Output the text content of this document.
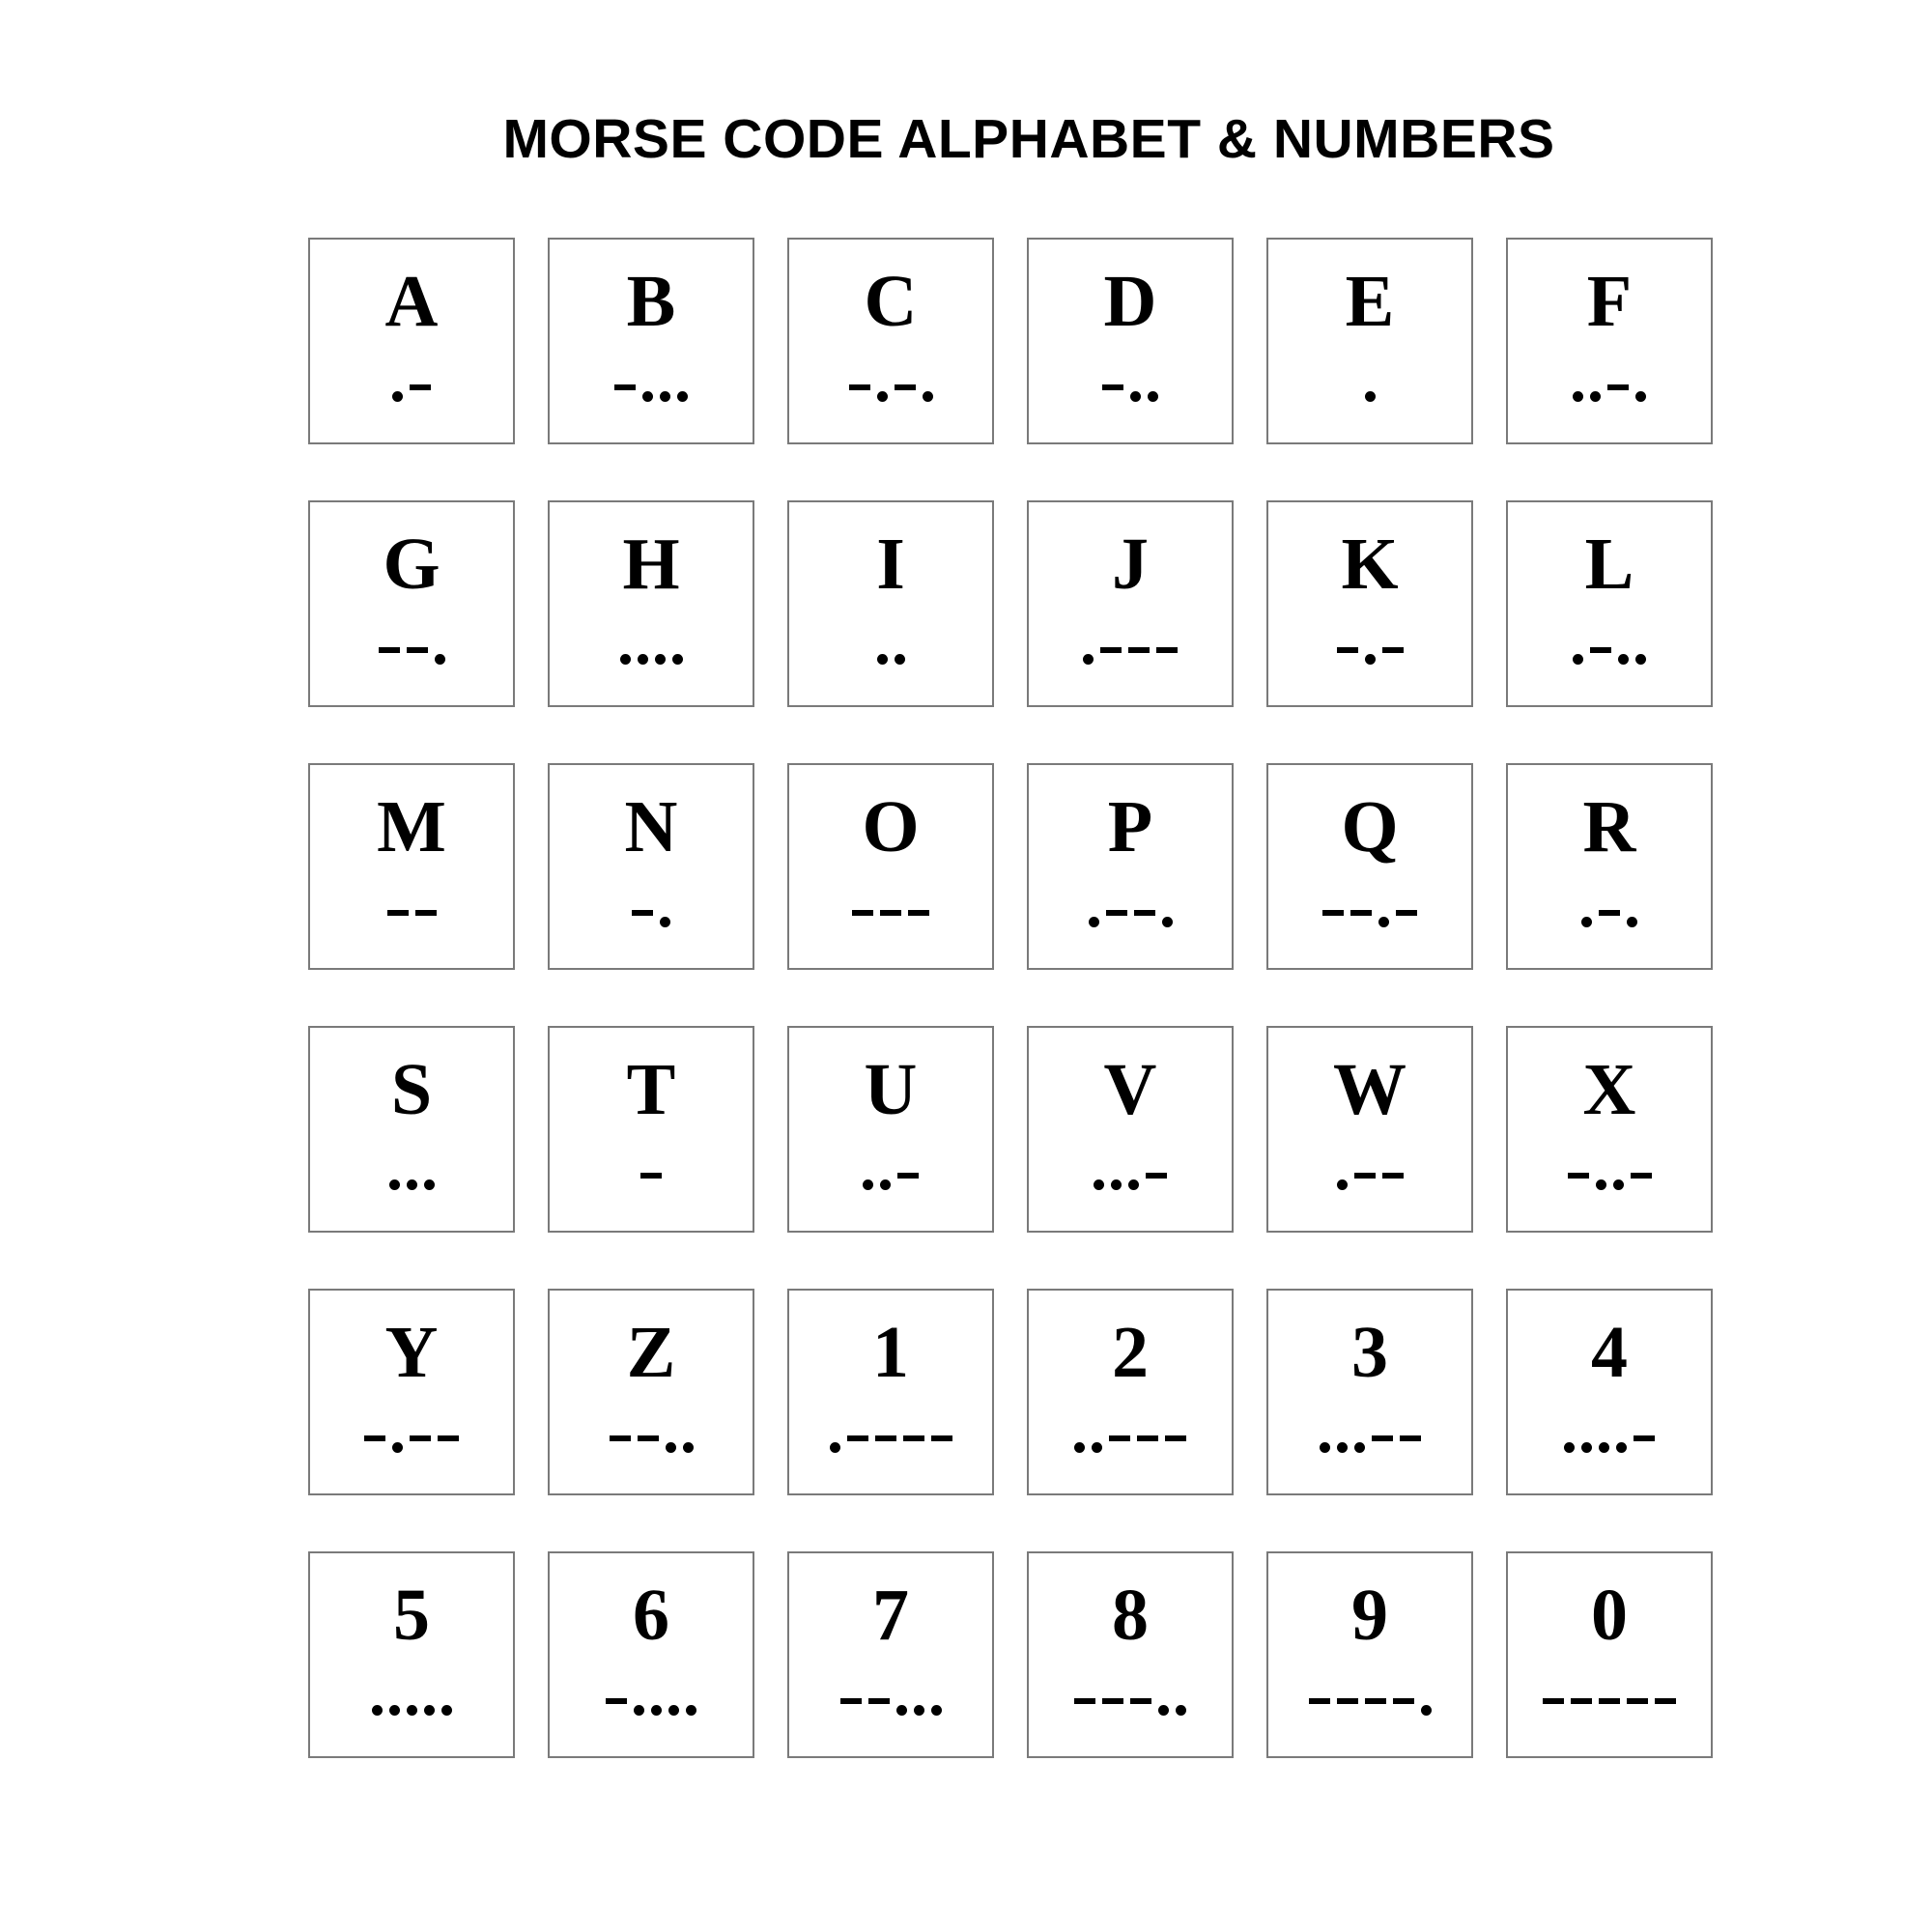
MORSE CODE ALPHABET & NUMBERS
A	B	C	D	E	F
G	H	I	J	K	L
M	N	O	P	Q	R
S	T	U	V	W	X
Y	Z	1	2	3	4
5	6	7	8	9	0
